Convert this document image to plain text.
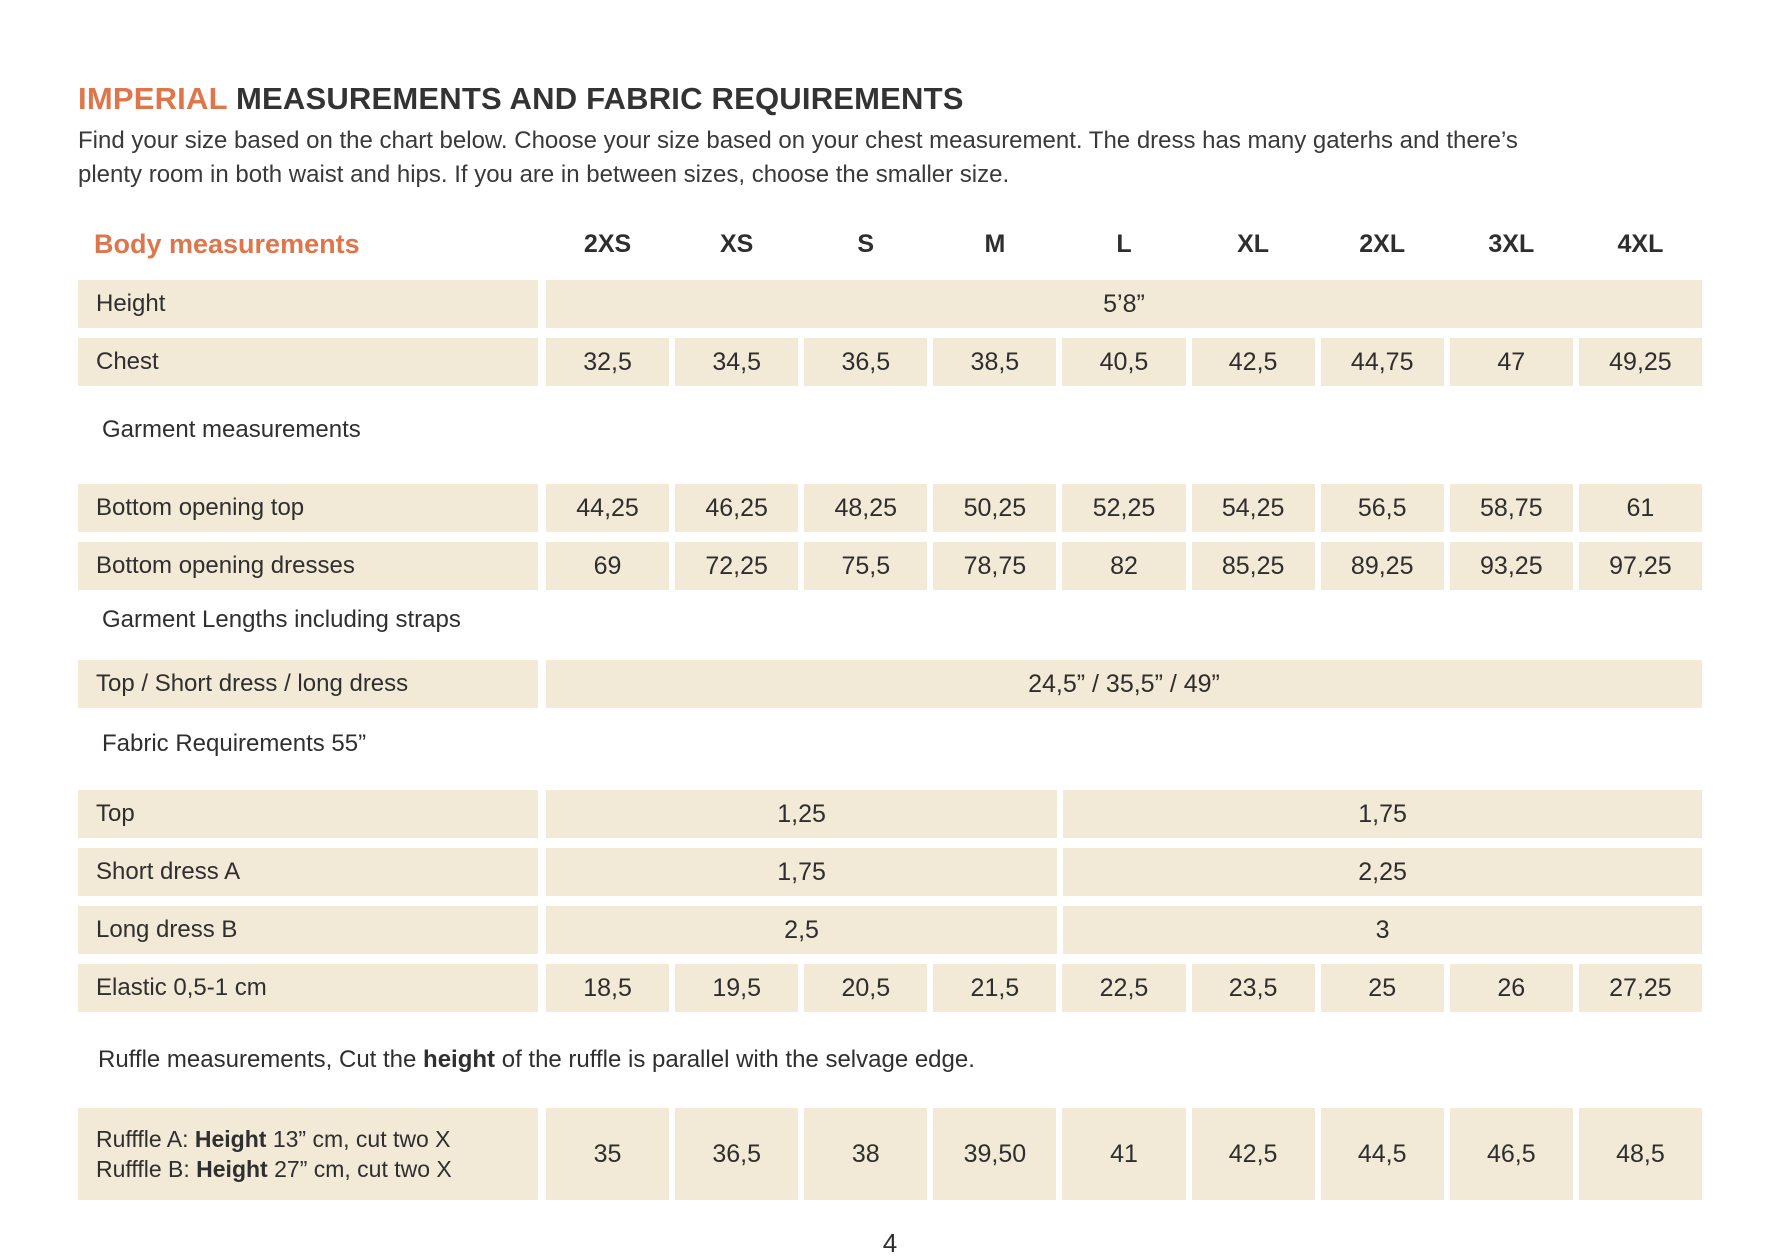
IMPERIAL MEASUREMENTS AND FABRIC REQUIREMENTS
Find your size based on the chart below. Choose your size based on your chest measurement. The dress has many gaterhs and there’s
plenty room in both waist and hips. If you are in between sizes, choose the smaller size.
Body measurements	2XS	XS	S	M	L	XL	2XL	3XL	4XL
Height	5’8”
Chest	32,5	34,5	36,5	38,5	40,5	42,5	44,75	47	49,25
Garment measurements
Bottom opening top	44,25	46,25	48,25	50,25	52,25	54,25	56,5	58,75	61
Bottom opening dresses	69	72,25	75,5	78,75	82	85,25	89,25	93,25	97,25
Garment Lengths including straps
Top / Short dress / long dress	24,5” / 35,5” / 49”
Fabric Requirements 55”
Top	1,25	1,75
Short dress A	1,75	2,25
Long dress B	2,5	3
Elastic 0,5-1 cm	18,5	19,5	20,5	21,5	22,5	23,5	25	26	27,25
Ruffle measurements, Cut the height of the ruffle is parallel with the selvage edge.
Rufffle A: Height 13” cm, cut two X
Rufffle B: Height 27” cm, cut two X
35	36,5	38	39,50	41	42,5	44,5	46,5	48,5
4
